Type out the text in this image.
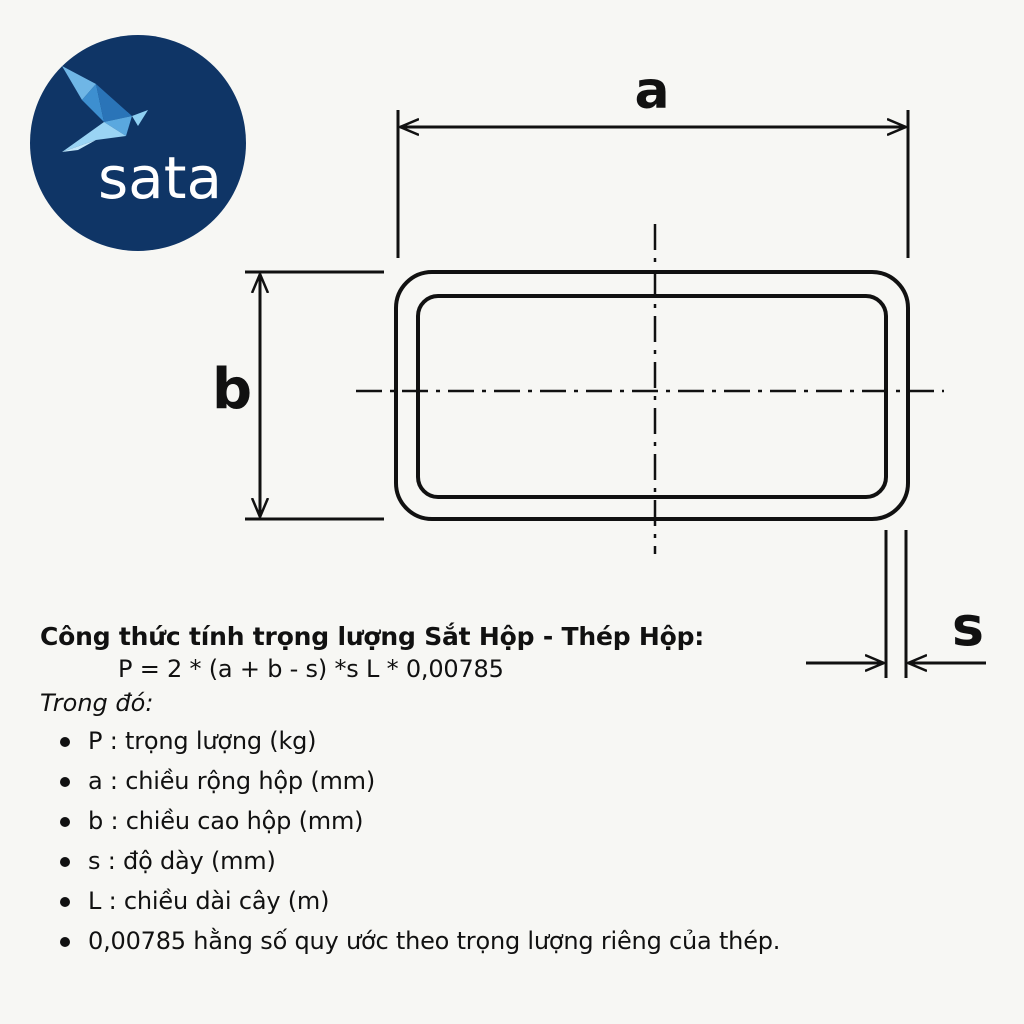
sata
a
b
s

Công thức tính trọng lượng Sắt Hộp - Thép Hộp:

P = 2 * (a + b - s) *s L * 0,00785

Trong đó:

P : trọng lượng (kg)
a : chiều rộng hộp (mm)
b : chiều cao hộp (mm)
s : độ dày (mm)
L : chiều dài cây (m)
0,00785 hằng số quy ước theo trọng lượng riêng của thép.
